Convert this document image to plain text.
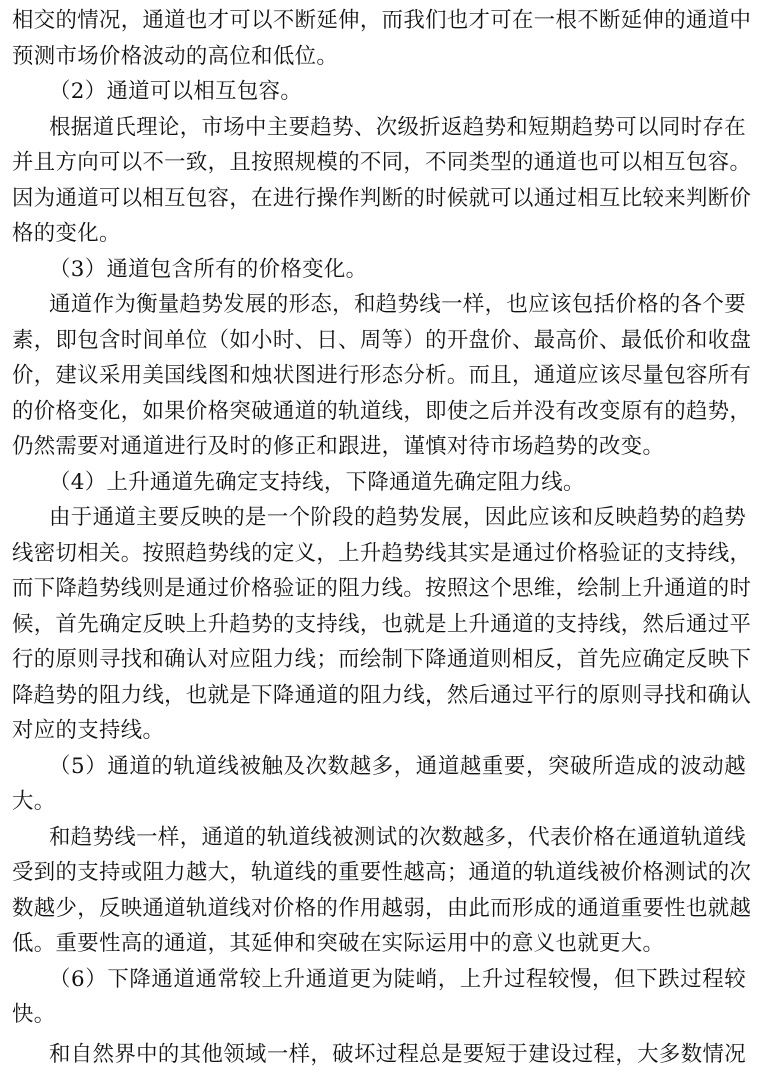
相交的情况，通道也才可以不断延伸，而我们也才可在一根不断延伸的通道中
预测市场价格波动的高位和低位。
（2）通道可以相互包容。
根据道氏理论，市场中主要趋势、次级折返趋势和短期趋势可以同时存在
并且方向可以不一致，且按照规模的不同，不同类型的通道也可以相互包容。
因为通道可以相互包容，在进行操作判断的时候就可以通过相互比较来判断价
格的变化。
（3）通道包含所有的价格变化。
通道作为衡量趋势发展的形态，和趋势线一样，也应该包括价格的各个要
素，即包含时间单位（如小时、日、周等）的开盘价、最高价、最低价和收盘
价，建议采用美国线图和烛状图进行形态分析。而且，通道应该尽量包容所有
的价格变化，如果价格突破通道的轨道线，即使之后并没有改变原有的趋势，
仍然需要对通道进行及时的修正和跟进，谨慎对待市场趋势的改变。
（4）上升通道先确定支持线，下降通道先确定阻力线。
由于通道主要反映的是一个阶段的趋势发展，因此应该和反映趋势的趋势
线密切相关。按照趋势线的定义，上升趋势线其实是通过价格验证的支持线，
而下降趋势线则是通过价格验证的阻力线。按照这个思维，绘制上升通道的时
候，首先确定反映上升趋势的支持线，也就是上升通道的支持线，然后通过平
行的原则寻找和确认对应阻力线；而绘制下降通道则相反，首先应确定反映下
降趋势的阻力线，也就是下降通道的阻力线，然后通过平行的原则寻找和确认
对应的支持线。
（5）通道的轨道线被触及次数越多，通道越重要，突破所造成的波动越
大。
和趋势线一样，通道的轨道线被测试的次数越多，代表价格在通道轨道线
受到的支持或阻力越大，轨道线的重要性越高；通道的轨道线被价格测试的次
数越少，反映通道轨道线对价格的作用越弱，由此而形成的通道重要性也就越
低。重要性高的通道，其延伸和突破在实际运用中的意义也就更大。
（6）下降通道通常较上升通道更为陡峭，上升过程较慢，但下跌过程较
快。
和自然界中的其他领域一样，破坏过程总是要短于建设过程，大多数情况
